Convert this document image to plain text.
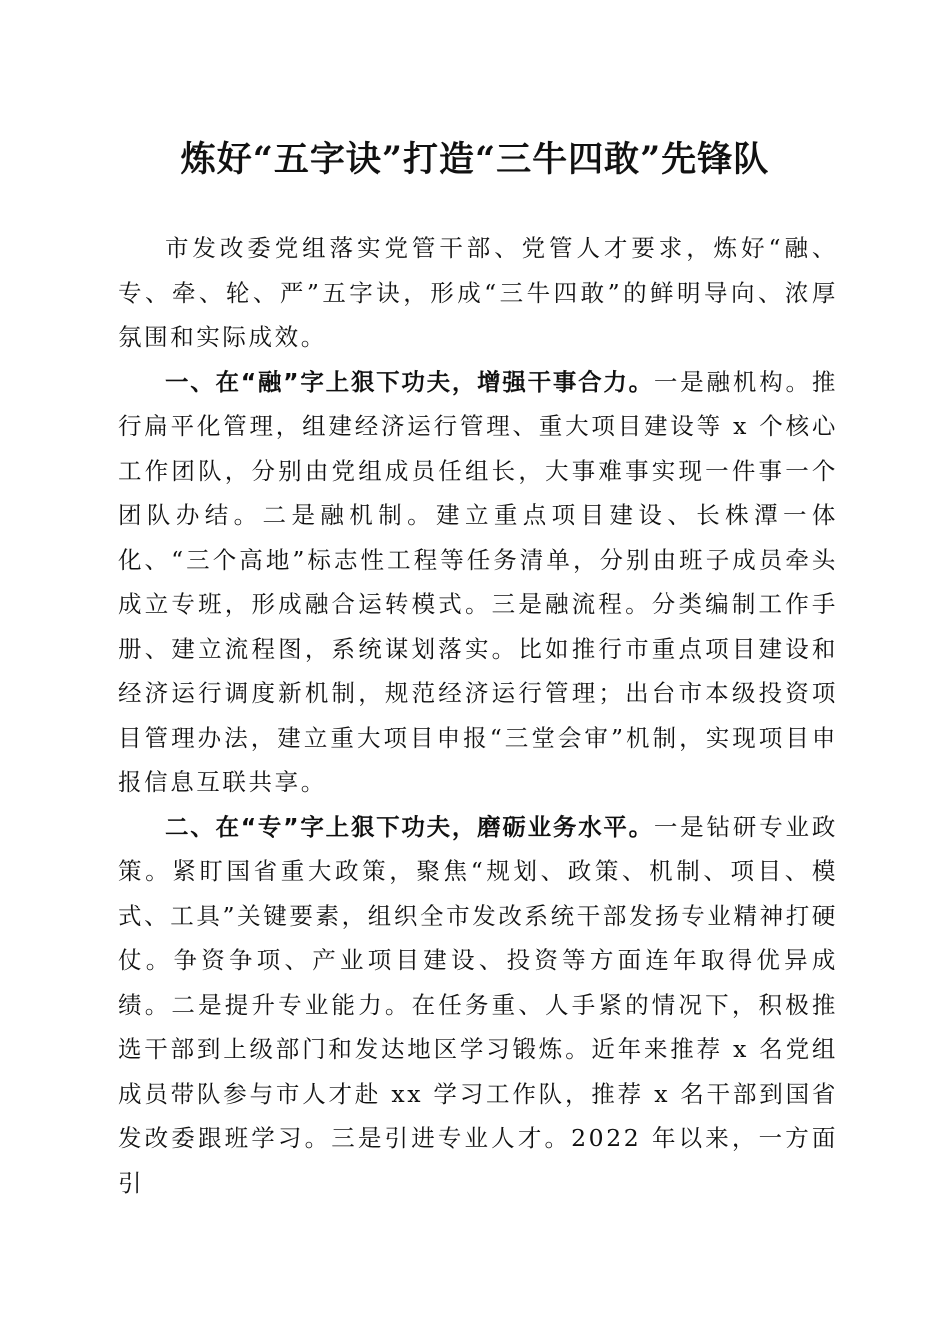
炼好“五字诀”打造“三牛四敢”先锋队

市发改委党组落实党管干部、党管人才要求，炼好“融、专、牵、轮、严”五字诀，形成“三牛四敢”的鲜明导向、浓厚氛围和实际成效。

一、在“融”字上狠下功夫，增强干事合力。一是融机构。推行扁平化管理，组建经济运行管理、重大项目建设等 x 个核心工作团队，分别由党组成员任组长，大事难事实现一件事一个团队办结。二是融机制。建立重点项目建设、长株潭一体化、“三个高地”标志性工程等任务清单，分别由班子成员牵头成立专班，形成融合运转模式。三是融流程。分类编制工作手册、建立流程图，系统谋划落实。比如推行市重点项目建设和经济运行调度新机制，规范经济运行管理；出台市本级投资项目管理办法，建立重大项目申报“三堂会审”机制，实现项目申报信息互联共享。

二、在“专”字上狠下功夫，磨砺业务水平。一是钻研专业政策。紧盯国省重大政策，聚焦“规划、政策、机制、项目、模式、工具”关键要素，组织全市发改系统干部发扬专业精神打硬仗。争资争项、产业项目建设、投资等方面连年取得优异成绩。二是提升专业能力。在任务重、人手紧的情况下，积极推选干部到上级部门和发达地区学习锻炼。近年来推荐 x 名党组成员带队参与市人才赴 xx 学习工作队，推荐 x 名干部到国省发改委跟班学习。三是引进专业人才。2022 年以来，一方面引
